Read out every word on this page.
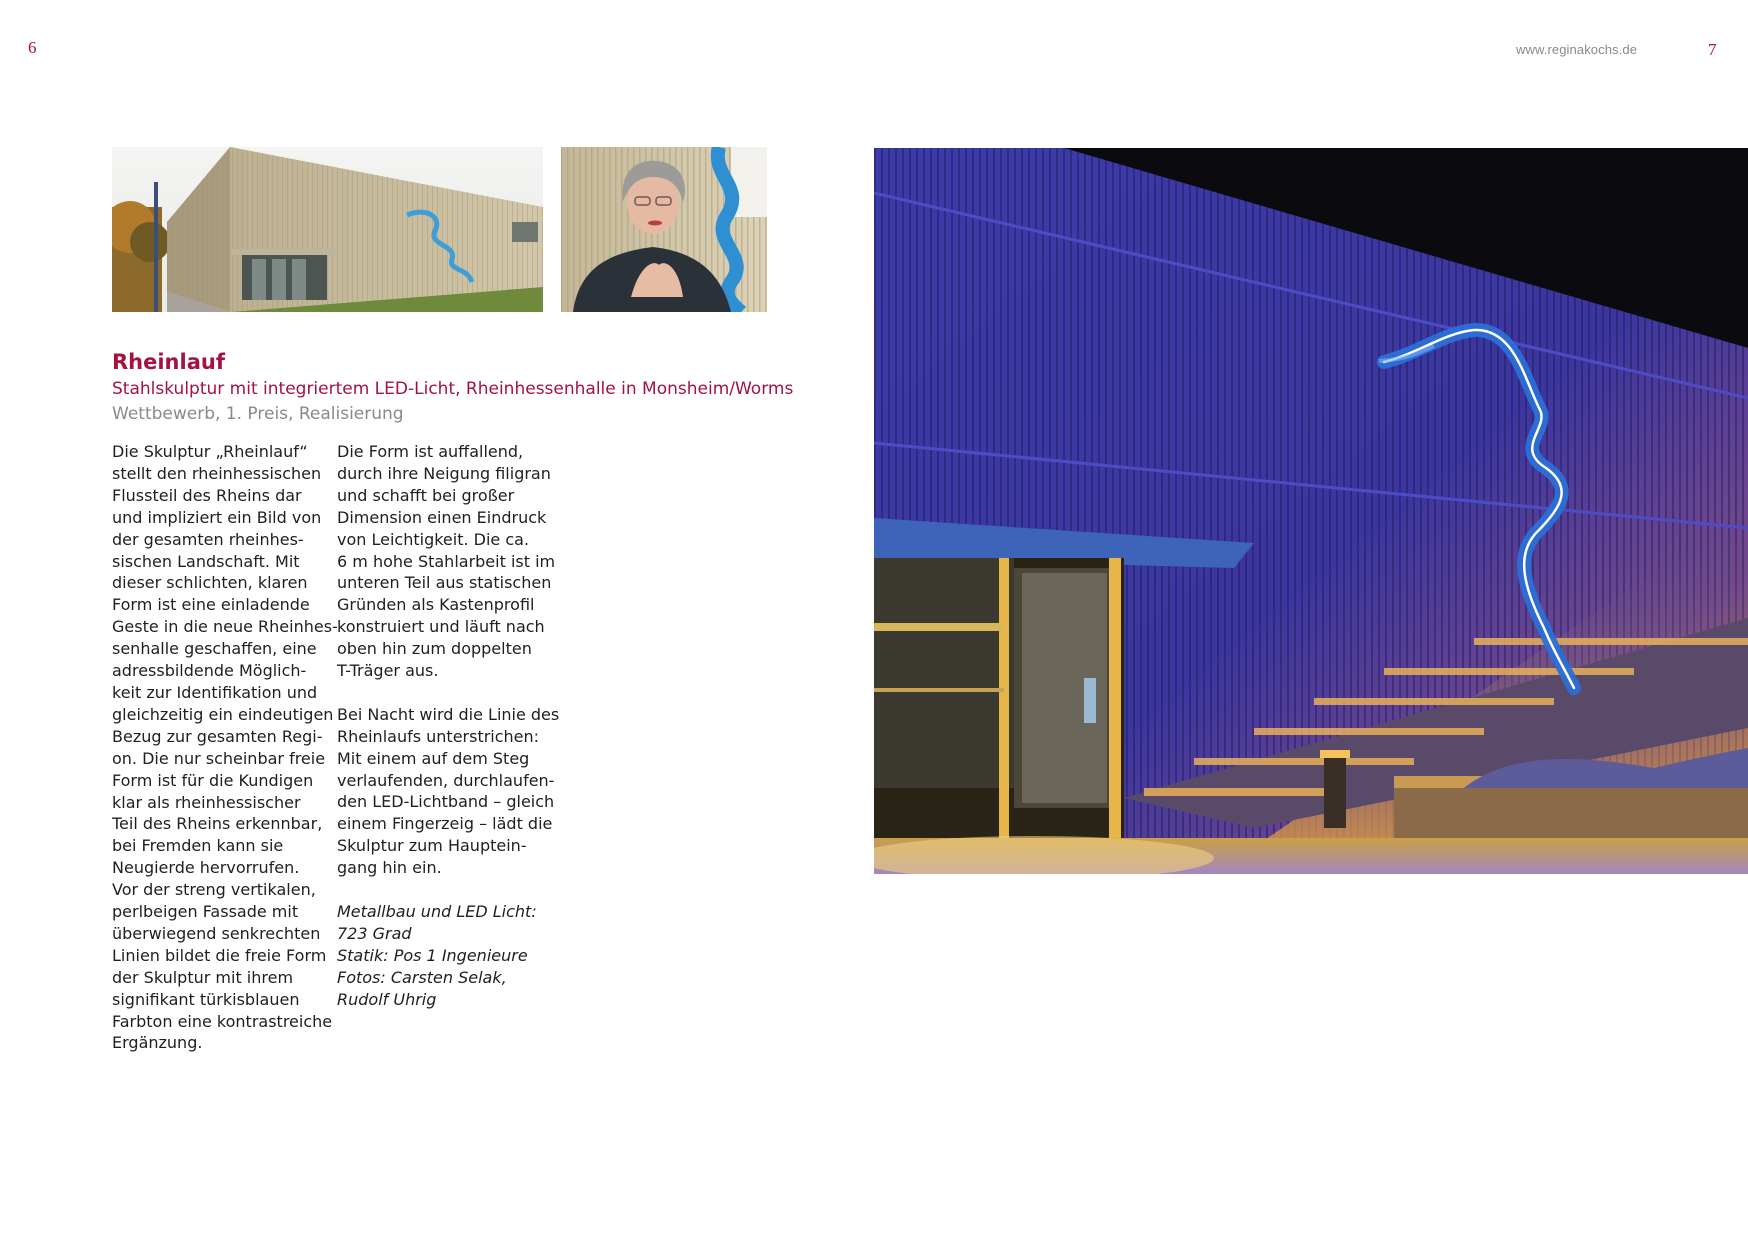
6	www.reginakochs.de	7
Rheinlauf
Stahlskulptur mit integriertem LED-Licht, Rheinhessenhalle in Monsheim/Worms
Wettbewerb, 1. Preis, Realisierung
Die Skulptur „Rheinlauf“
stellt den rheinhessischen
Flussteil des Rheins dar
und impliziert ein Bild von
der gesamten rheinhes-
sischen Landschaft. Mit
dieser schlichten, klaren
Form ist eine einladende
Geste in die neue Rheinhes-
senhalle geschaffen, eine
adressbildende Möglich-
keit zur Identifikation und
gleichzeitig ein eindeutigen
Bezug zur gesamten Regi-
on. Die nur scheinbar freie
Form ist für die Kundigen
klar als rheinhessischer
Teil des Rheins erkennbar,
bei Fremden kann sie
Neugierde hervorrufen.
Vor der streng vertikalen,
perlbeigen Fassade mit
überwiegend senkrechten
Linien bildet die freie Form
der Skulptur mit ihrem
signifikant türkisblauen
Farbton eine kontrastreiche
Ergänzung.
Die Form ist auffallend,
durch ihre Neigung filigran
und schafft bei großer
Dimension einen Eindruck
von Leichtigkeit. Die ca.
6 m hohe Stahlarbeit ist im
unteren Teil aus statischen
Gründen als Kastenprofil
konstruiert und läuft nach
oben hin zum doppelten
T-Träger aus.
Bei Nacht wird die Linie des
Rheinlaufs unterstrichen:
Mit einem auf dem Steg
verlaufenden, durchlaufen-
den LED-Lichtband – gleich
einem Fingerzeig – lädt die
Skulptur zum Hauptein-
gang hin ein.
Metallbau und LED Licht:
723 Grad
Statik: Pos 1 Ingenieure
Fotos: Carsten Selak,
Rudolf Uhrig
